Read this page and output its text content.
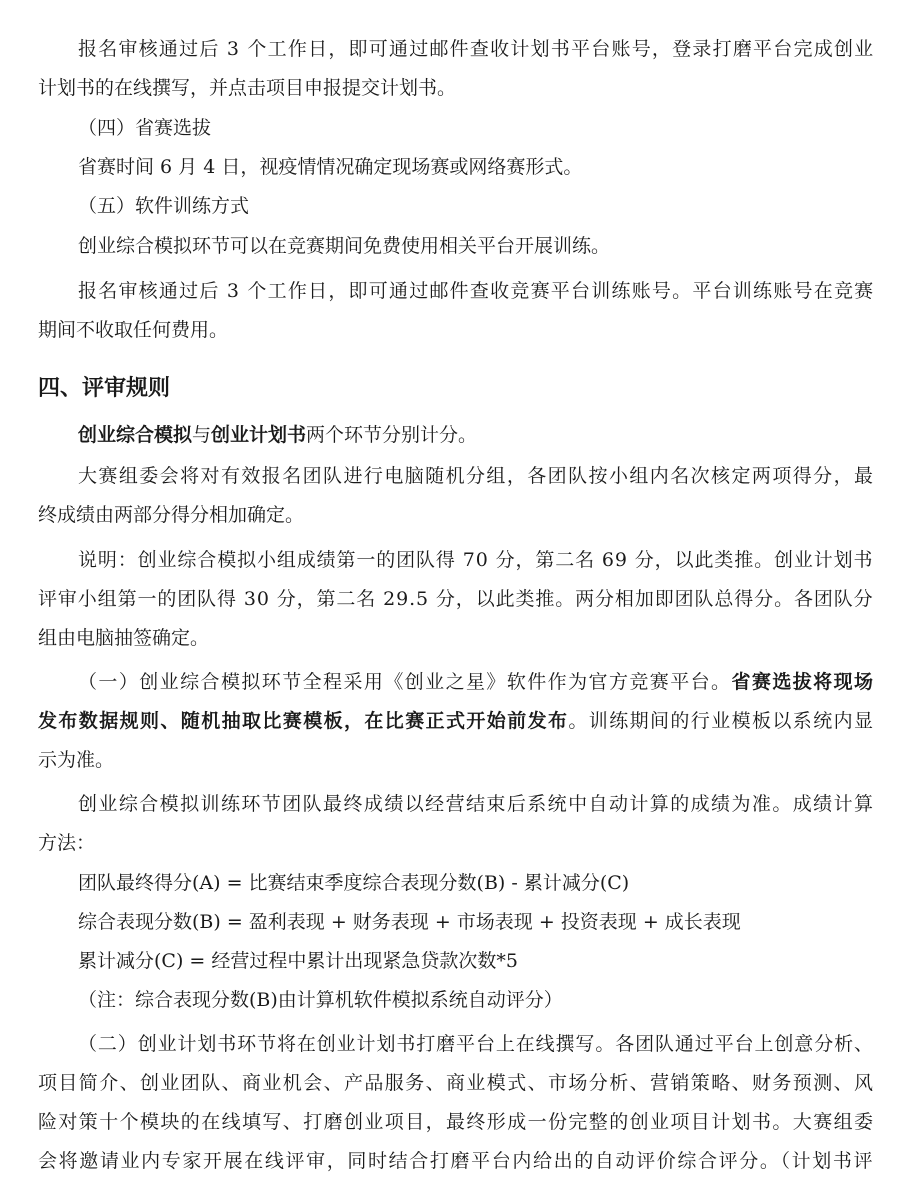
报名审核通过后 3 个工作日，即可通过邮件查收计划书平台账号，登录打磨平台完成创业
计划书的在线撰写，并点击项目申报提交计划书。
（四）省赛选拔
省赛时间 6 月 4 日，视疫情情况确定现场赛或网络赛形式。
（五）软件训练方式
创业综合模拟环节可以在竞赛期间免费使用相关平台开展训练。
报名审核通过后 3 个工作日，即可通过邮件查收竞赛平台训练账号。平台训练账号在竞赛
期间不收取任何费用。
四、评审规则
创业综合模拟与创业计划书两个环节分别计分。
大赛组委会将对有效报名团队进行电脑随机分组，各团队按小组内名次核定两项得分，最
终成绩由两部分得分相加确定。
说明：创业综合模拟小组成绩第一的团队得 70 分，第二名 69 分，以此类推。创业计划书
评审小组第一的团队得 30 分，第二名 29.5 分，以此类推。两分相加即团队总得分。各团队分
组由电脑抽签确定。
（一）创业综合模拟环节全程采用《创业之星》软件作为官方竞赛平台。省赛选拔将现场
发布数据规则、随机抽取比赛模板，在比赛正式开始前发布。训练期间的行业模板以系统内显
示为准。
创业综合模拟训练环节团队最终成绩以经营结束后系统中自动计算的成绩为准。成绩计算
方法：
团队最终得分(A) = 比赛结束季度综合表现分数(B) - 累计减分(C)
综合表现分数(B) = 盈利表现 + 财务表现 + 市场表现 + 投资表现 + 成长表现
累计减分(C) = 经营过程中累计出现紧急贷款次数*5
（注：综合表现分数(B)由计算机软件模拟系统自动评分）
（二）创业计划书环节将在创业计划书打磨平台上在线撰写。各团队通过平台上创意分析、
项目简介、创业团队、商业机会、产品服务、商业模式、市场分析、营销策略、财务预测、风
险对策十个模块的在线填写、打磨创业项目，最终形成一份完整的创业项目计划书。大赛组委
会将邀请业内专家开展在线评审，同时结合打磨平台内给出的自动评价综合评分。（计划书评
